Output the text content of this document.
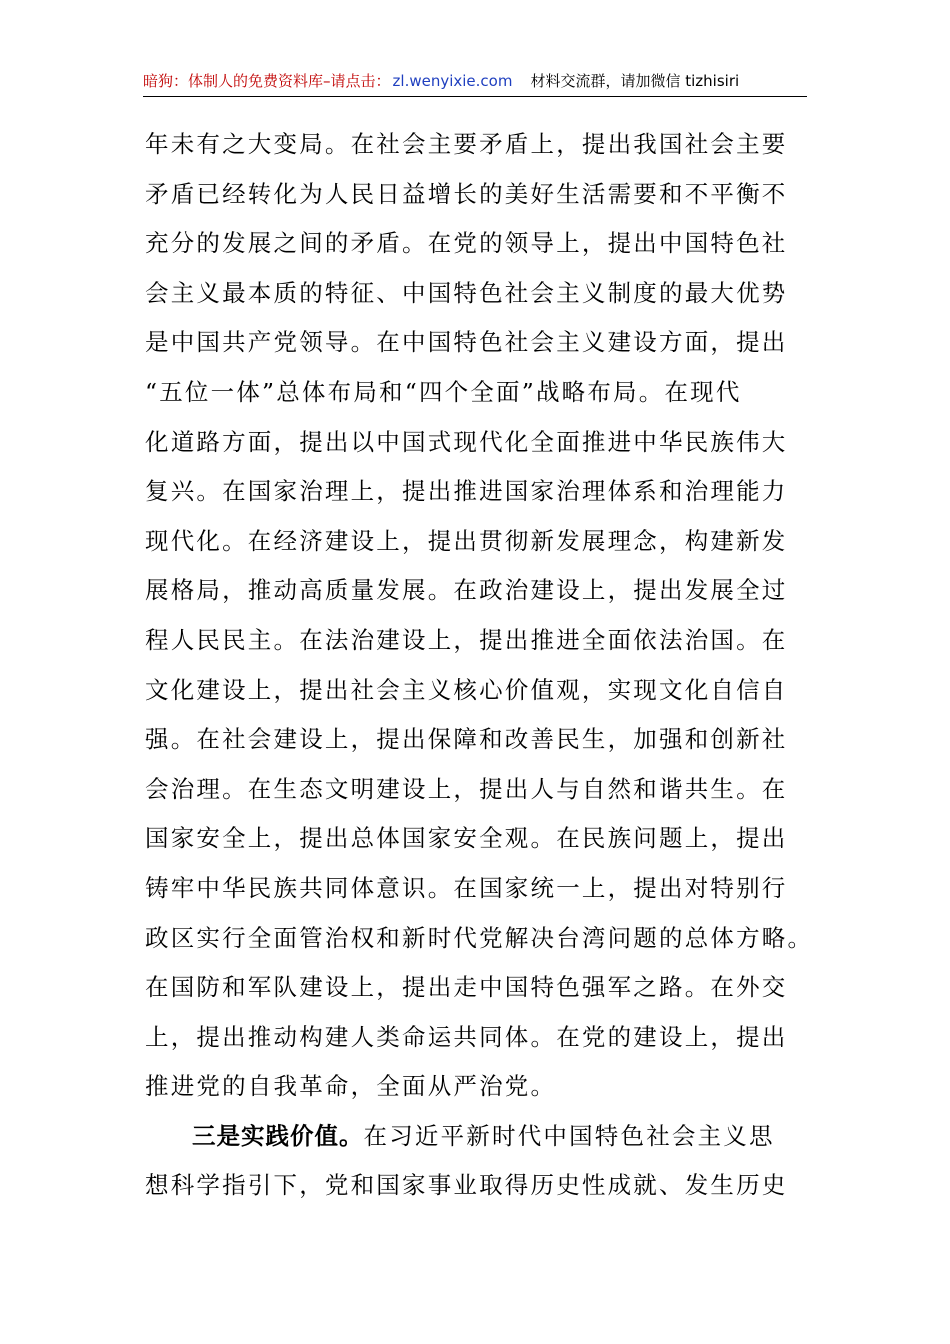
暗狗：体制人的免费资料库–请点击： zl.wenyixie.com 材料交流群，请加微信 tizhisiri
年未有之大变局。在社会主要矛盾上，提出我国社会主要
矛盾已经转化为人民日益增长的美好生活需要和不平衡不
充分的发展之间的矛盾。在党的领导上，提出中国特色社
会主义最本质的特征、中国特色社会主义制度的最大优势
是中国共产党领导。在中国特色社会主义建设方面，提出
“五位一体”总体布局和“四个全面”战略布局。在现代
化道路方面，提出以中国式现代化全面推进中华民族伟大
复兴。在国家治理上，提出推进国家治理体系和治理能力
现代化。在经济建设上，提出贯彻新发展理念，构建新发
展格局，推动高质量发展。在政治建设上，提出发展全过
程人民民主。在法治建设上，提出推进全面依法治国。在
文化建设上，提出社会主义核心价值观，实现文化自信自
强。在社会建设上，提出保障和改善民生，加强和创新社
会治理。在生态文明建设上，提出人与自然和谐共生。在
国家安全上，提出总体国家安全观。在民族问题上，提出
铸牢中华民族共同体意识。在国家统一上，提出对特别行
政区实行全面管治权和新时代党解决台湾问题的总体方略。
在国防和军队建设上，提出走中国特色强军之路。在外交
上，提出推动构建人类命运共同体。在党的建设上，提出
推进党的自我革命，全面从严治党。
三是实践价值。在习近平新时代中国特色社会主义思
想科学指引下，党和国家事业取得历史性成就、发生历史
